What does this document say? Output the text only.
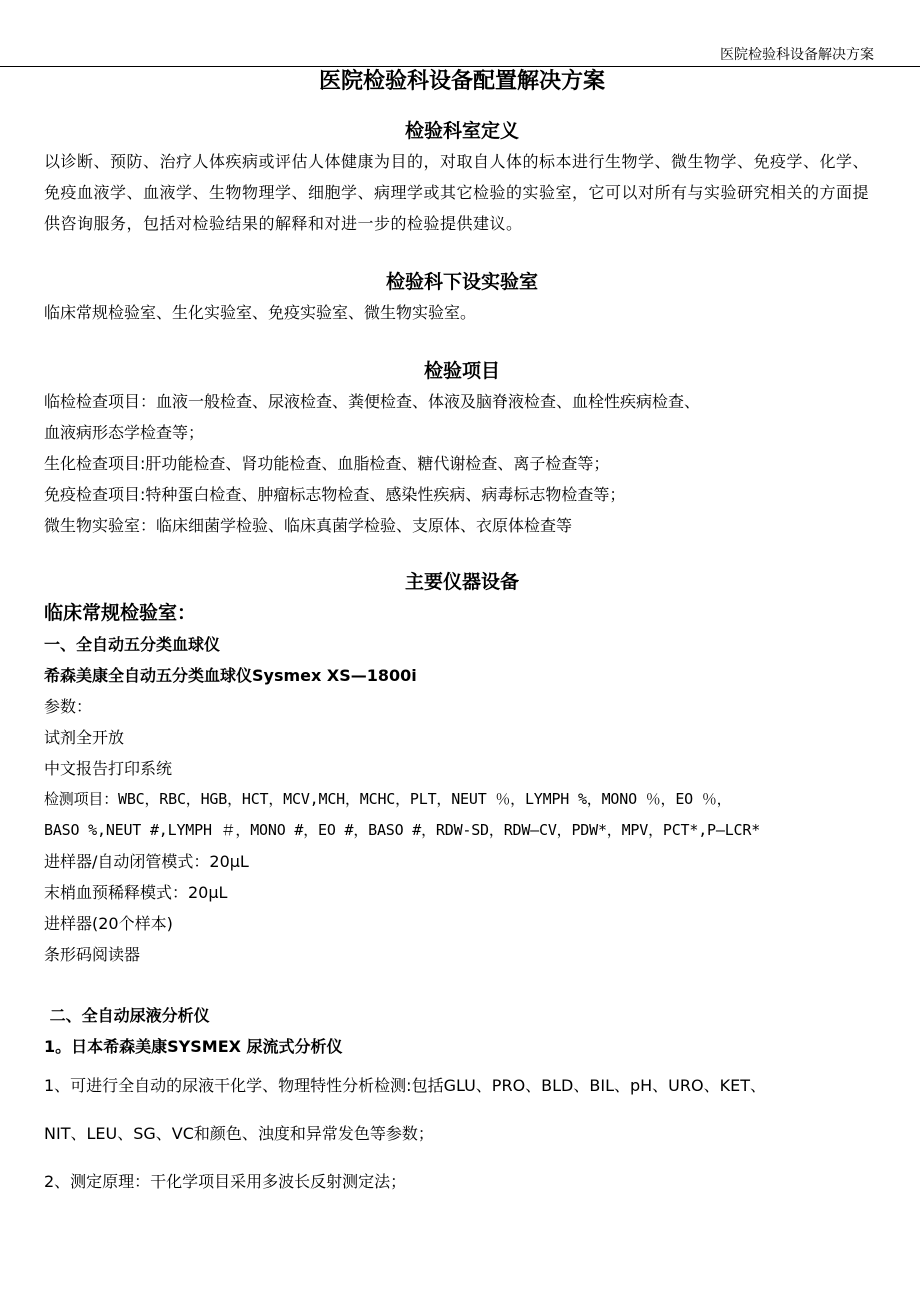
医院检验科设备解决方案
医院检验科设备配置解决方案
检验科室定义

以诊断、预防、治疗人体疾病或评估人体健康为目的，对取自人体的标本进行生物学、微生物学、免疫学、化学、免疫血液学、血液学、生物物理学、细胞学、病理学或其它检验的实验室，它可以对所有与实验研究相关的方面提供咨询服务，包括对检验结果的解释和对进一步的检验提供建议。

检验科下设实验室

临床常规检验室、生化实验室、免疫实验室、微生物实验室。

检验项目

临检检查项目：血液一般检查、尿液检查、粪便检查、体液及脑脊液检查、血栓性疾病检查、

血液病形态学检查等；

生化检查项目:肝功能检查、肾功能检查、血脂检查、糖代谢检查、离子检查等；

免疫检查项目:特种蛋白检查、肿瘤标志物检查、感染性疾病、病毒标志物检查等；

微生物实验室：临床细菌学检验、临床真菌学检验、支原体、衣原体检查等

主要仪器设备

临床常规检验室：

一、全自动五分类血球仪

希森美康全自动五分类血球仪Sysmex XS—1800i

参数：

试剂全开放

中文报告打印系统

检测项目：WBC，RBC，HGB，HCT，MCV,MCH，MCHC，PLT，NEUT ％，LYMPH %，MONO ％，EO ％，

BASO %,NEUT #,LYMPH ＃，MONO #，EO #，BASO #，RDW-SD，RDW—CV，PDW*，MPV，PCT*,P—LCR*

进样器/自动闭管模式：20μL

末梢血预稀释模式：20μL

进样器(20个样本)

条形码阅读器

二、全自动尿液分析仪

1。日本希森美康SYSMEX 尿流式分析仪

1、可进行全自动的尿液干化学、物理特性分析检测:包括GLU、PRO、BLD、BIL、pH、URO、KET、

NIT、LEU、SG、VC和颜色、浊度和异常发色等参数；

2、测定原理：干化学项目采用多波长反射测定法；
